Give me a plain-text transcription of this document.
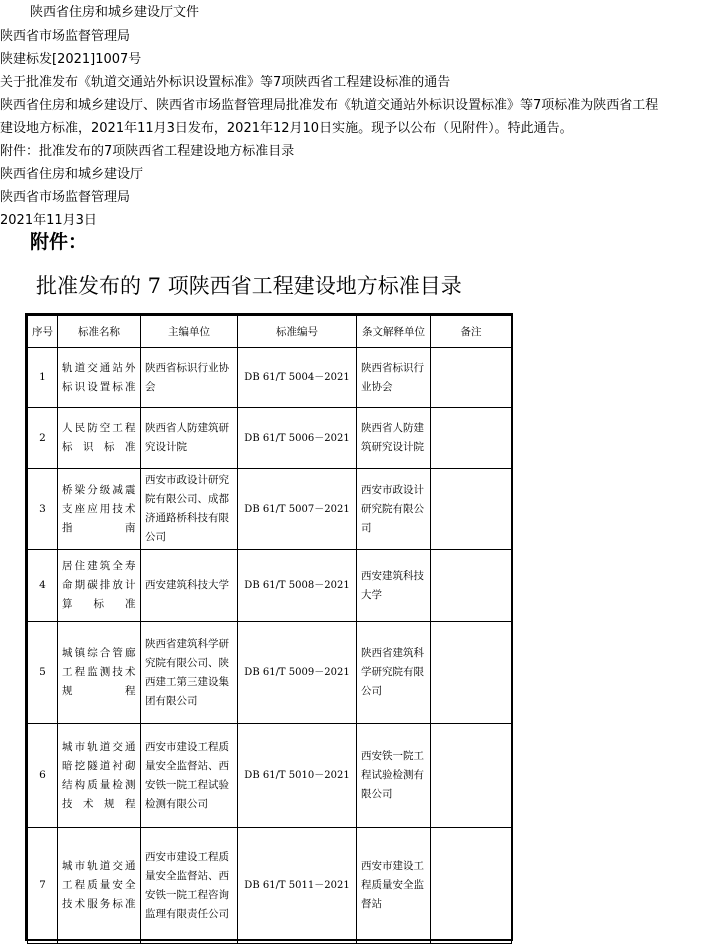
陕西省住房和城乡建设厅文件
陕西省市场监督管理局
陕建标发[2021]1007号
关于批准发布《轨道交通站外标识设置标准》等7项陕西省工程建设标准的通告
陕西省住房和城乡建设厅、陕西省市场监督管理局批准发布《轨道交通站外标识设置标准》等7项标准为陕西省工程
建设地方标准，2021年11月3日发布，2021年12月10日实施。现予以公布（见附件）。特此通告。
附件：批准发布的7项陕西省工程建设地方标准目录
陕西省住房和城乡建设厅
陕西省市场监督管理局
2021年11月3日
附件：
批准发布的 7 项陕西省工程建设地方标准目录
序号	标准名称	主编单位	标准编号	条文解释单位	备注
1	轨道交通站外标识设置标准	陕西省标识行业协会	DB 61/T 5004－2021	陕西省标识行业协会	
2	人民防空工程标识标准	陕西省人防建筑研究设计院	DB 61/T 5006－2021	陕西省人防建筑研究设计院	
3	桥梁分级减震支座应用技术指南	西安市政设计研究院有限公司、成都济通路桥科技有限公司	DB 61/T 5007－2021	西安市政设计研究院有限公司	
4	居住建筑全寿命期碳排放计算标准	西安建筑科技大学	DB 61/T 5008－2021	西安建筑科技大学	
5	城镇综合管廊工程监测技术规程	陕西省建筑科学研究院有限公司、陕西建工第三建设集团有限公司	DB 61/T 5009－2021	陕西省建筑科学研究院有限公司	
6	城市轨道交通暗挖隧道衬砌结构质量检测技术规程	西安市建设工程质量安全监督站、西安铁一院工程试验检测有限公司	DB 61/T 5010－2021	西安铁一院工程试验检测有限公司	
7	城市轨道交通工程质量安全技术服务标准	西安市建设工程质量安全监督站、西安铁一院工程咨询监理有限责任公司	DB 61/T 5011－2021	西安市建设工程质量安全监督站	
